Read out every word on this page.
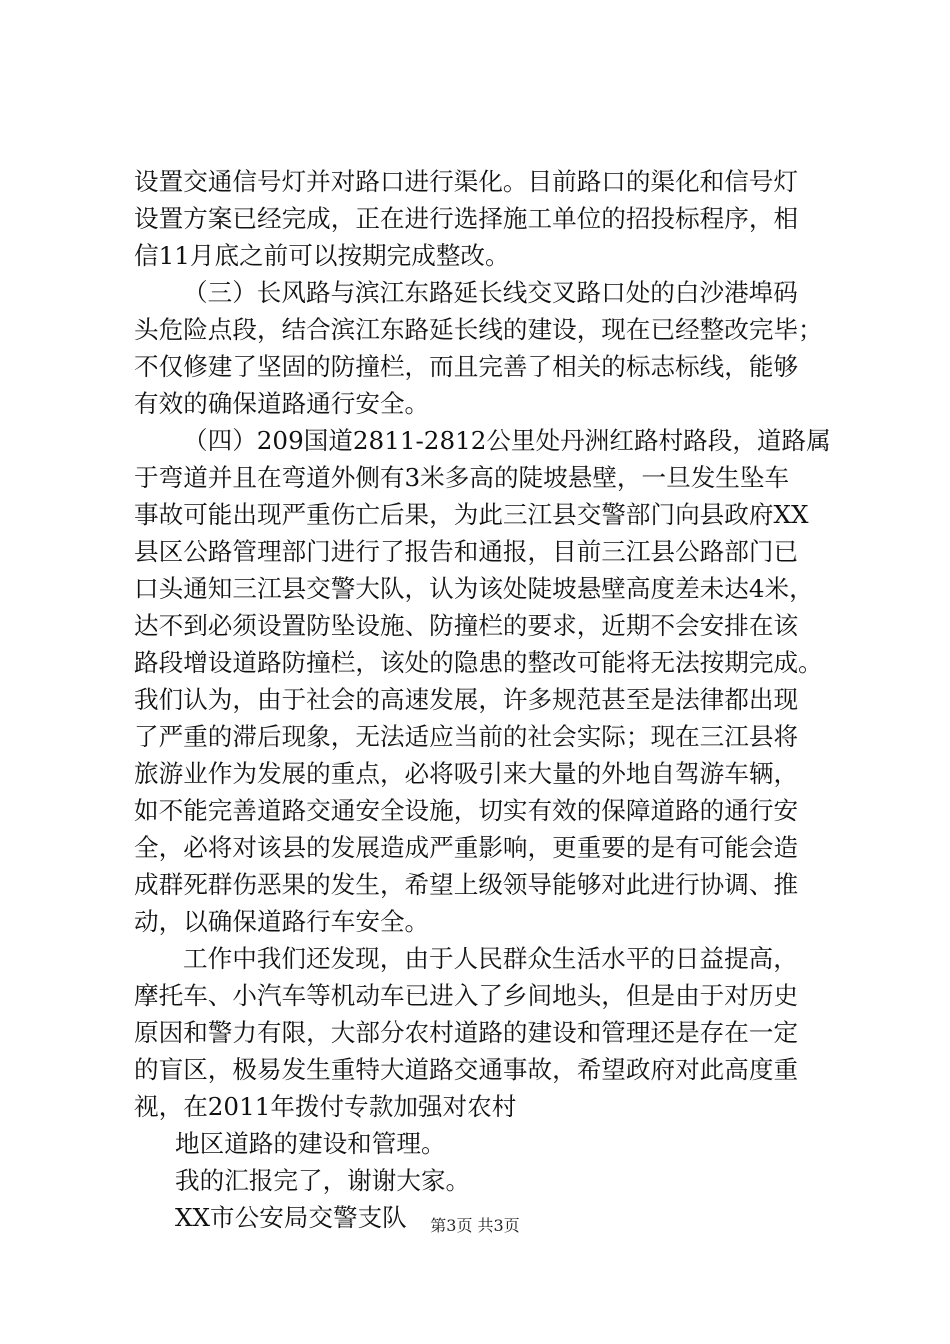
设置交通信号灯并对路口进行渠化。目前路口的渠化和信号灯

设置方案已经完成，正在进行选择施工单位的招投标程序，相

信11月底之前可以按期完成整改。

（三）长风路与滨江东路延长线交叉路口处的白沙港埠码

头危险点段，结合滨江东路延长线的建设，现在已经整改完毕；

不仅修建了坚固的防撞栏，而且完善了相关的标志标线，能够

有效的确保道路通行安全。

（四）209国道2811-2812公里处丹洲红路村路段，道路属

于弯道并且在弯道外侧有3米多高的陡坡悬壁，一旦发生坠车

事故可能出现严重伤亡后果，为此三江县交警部门向县政府XX

县区公路管理部门进行了报告和通报，目前三江县公路部门已

口头通知三江县交警大队，认为该处陡坡悬壁高度差未达4米，

达不到必须设置防坠设施、防撞栏的要求，近期不会安排在该

路段增设道路防撞栏，该处的隐患的整改可能将无法按期完成。

我们认为，由于社会的高速发展，许多规范甚至是法律都出现

了严重的滞后现象，无法适应当前的社会实际；现在三江县将

旅游业作为发展的重点，必将吸引来大量的外地自驾游车辆，

如不能完善道路交通安全设施，切实有效的保障道路的通行安

全，必将对该县的发展造成严重影响，更重要的是有可能会造

成群死群伤恶果的发生，希望上级领导能够对此进行协调、推

动，以确保道路行车安全。

工作中我们还发现，由于人民群众生活水平的日益提高，

摩托车、小汽车等机动车已进入了乡间地头，但是由于对历史

原因和警力有限，大部分农村道路的建设和管理还是存在一定

的盲区，极易发生重特大道路交通事故，希望政府对此高度重

视，在2011年拨付专款加强对农村

地区道路的建设和管理。

我的汇报完了，谢谢大家。

XX市公安局交警支队	第3页 共3页
